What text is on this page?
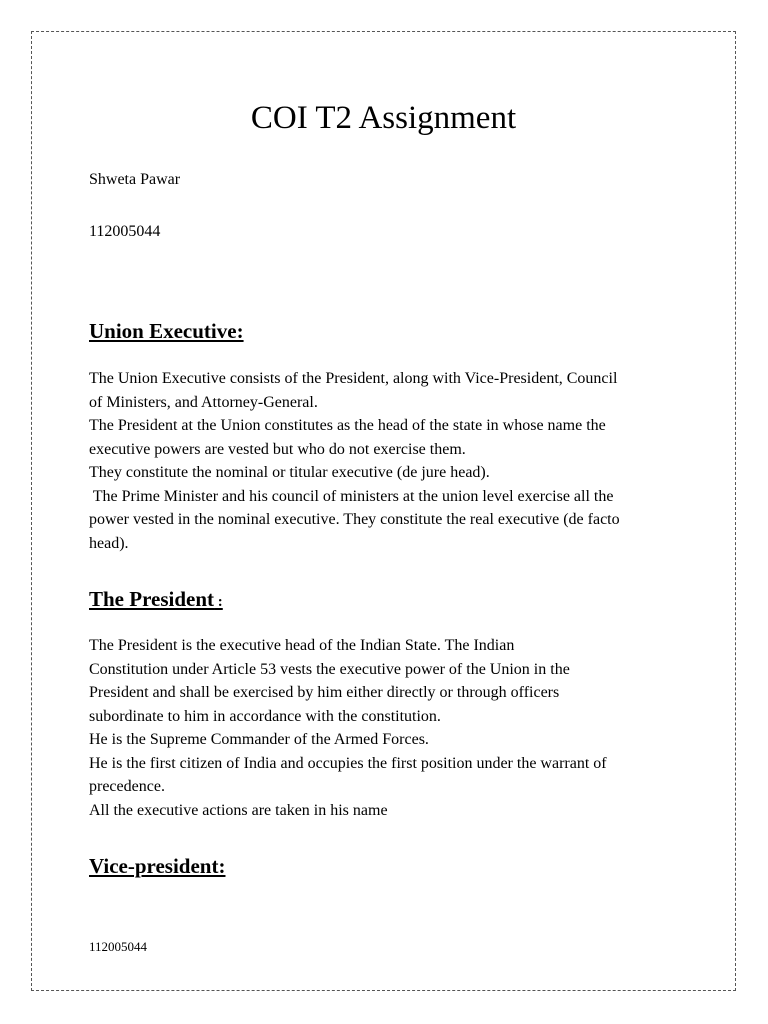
COI T2 Assignment

Shweta Pawar

112005044

Union Executive:
The Union Executive consists of the President, along with Vice-President, Council
of Ministers, and Attorney-General.
The President at the Union constitutes as the head of the state in whose name the
executive powers are vested but who do not exercise them.
They constitute the nominal or titular executive (de jure head).
The Prime Minister and his council of ministers at the union level exercise all the
power vested in the nominal executive. They constitute the real executive (de facto
head).
The President :
The President is the executive head of the Indian State. The Indian
Constitution under Article 53 vests the executive power of the Union in the
President and shall be exercised by him either directly or through officers
subordinate to him in accordance with the constitution.
He is the Supreme Commander of the Armed Forces.
He is the first citizen of India and occupies the first position under the warrant of
precedence.
All the executive actions are taken in his name
Vice-president:

112005044
